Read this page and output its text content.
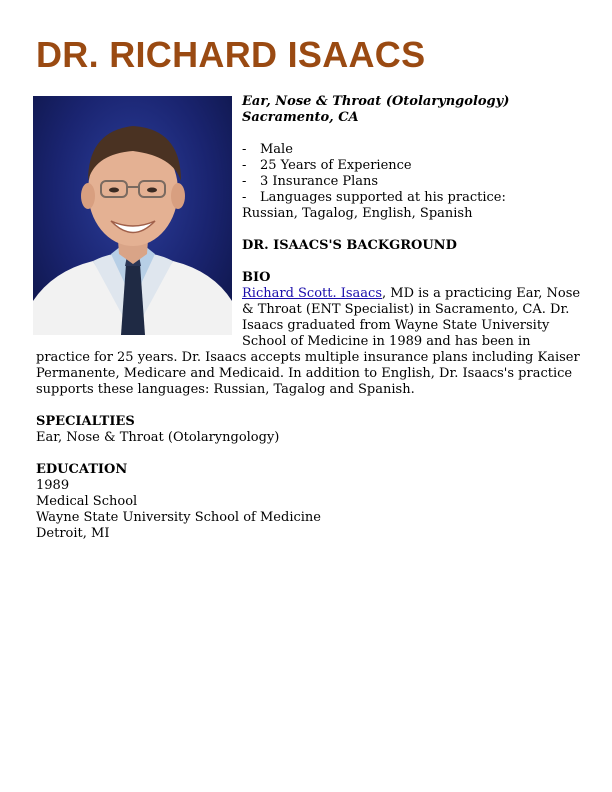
DR. RICHARD ISAACS
Ear, Nose & Throat (Otolaryngology)
Sacramento, CA
- Male
- 25 Years of Experience
- 3 Insurance Plans
- Languages supported at his practice:
Russian, Tagalog, English, Spanish
DR. ISAACS'S BACKGROUND
BIO

Richard Scott. Isaacs, MD is a practicing Ear, Nose & Throat (ENT Specialist) in Sacramento, CA. Dr. Isaacs graduated from Wayne State University School of Medicine in 1989 and has been in practice for 25 years. Dr. Isaacs accepts multiple insurance plans including Kaiser Permanente, Medicare and Medicaid. In addition to English, Dr. Isaacs's practice supports these languages: Russian, Tagalog and Spanish.

SPECIALTIES
Ear, Nose & Throat (Otolaryngology)
EDUCATION
1989
Medical School
Wayne State University School of Medicine
Detroit, MI
